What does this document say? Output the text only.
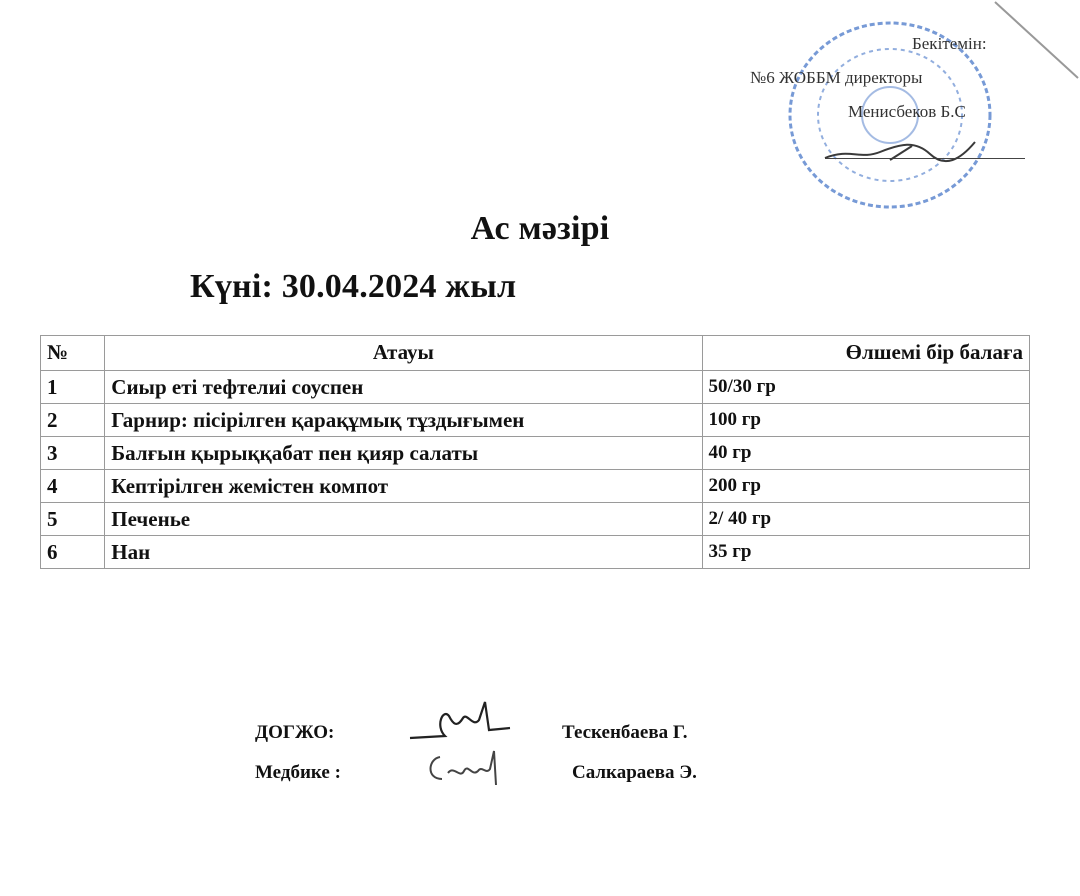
Бекітемін:
№6 ЖОББМ директоры
Менисбеков Б.С
Ас мәзірі
Күні: 30.04.2024 жыл
№	Атауы	Өлшемі бір балаға
1	Сиыр еті тефтелиі соуспен	50/30 гр
2	Гарнир: пісірілген қарақұмық тұздығымен	100 гр
3	Балғын қырыққабат пен қияр салаты	40 гр
4	Кептірілген жемістен компот	200 гр
5	Печенье	2/ 40 гр
6	Нан	35 гр
ДОГЖО:	Тескенбаева Г.
Медбике :	Салкараева Э.
